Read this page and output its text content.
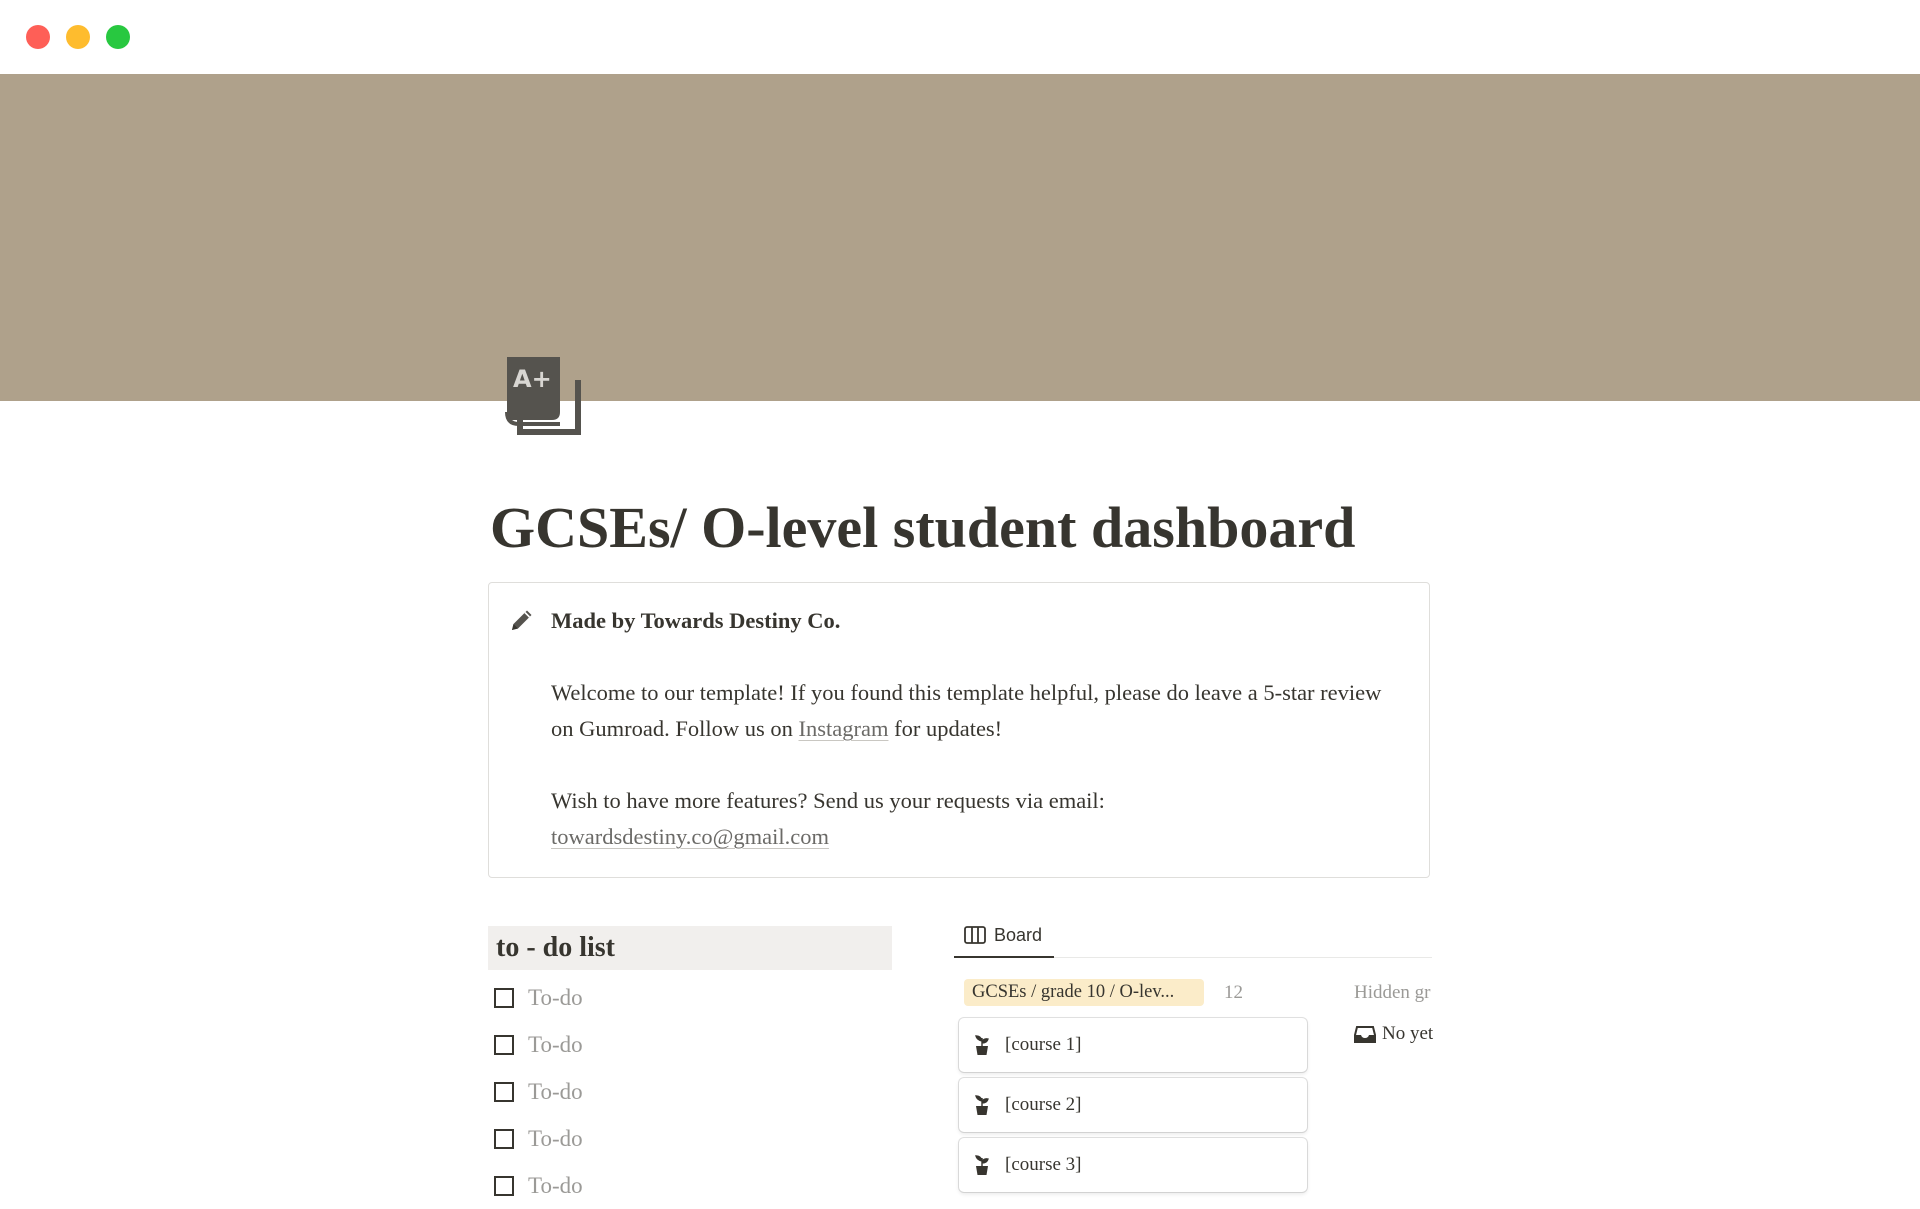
A+
GCSEs/ O-level student dashboard

Made by Towards Destiny Co.

Welcome to our template! If you found this template helpful, please do leave a 5-star review on Gumroad. Follow us on Instagram for updates!

Wish to have more features? Send us your requests via email:

towardsdestiny.co@gmail.com

to - do list
To-do
To-do
To-do
To-do
To-do
Board
GCSEs / grade 10 / O-lev...	12	Hidden gr
No yet
[course 1]
[course 2]
[course 3]
